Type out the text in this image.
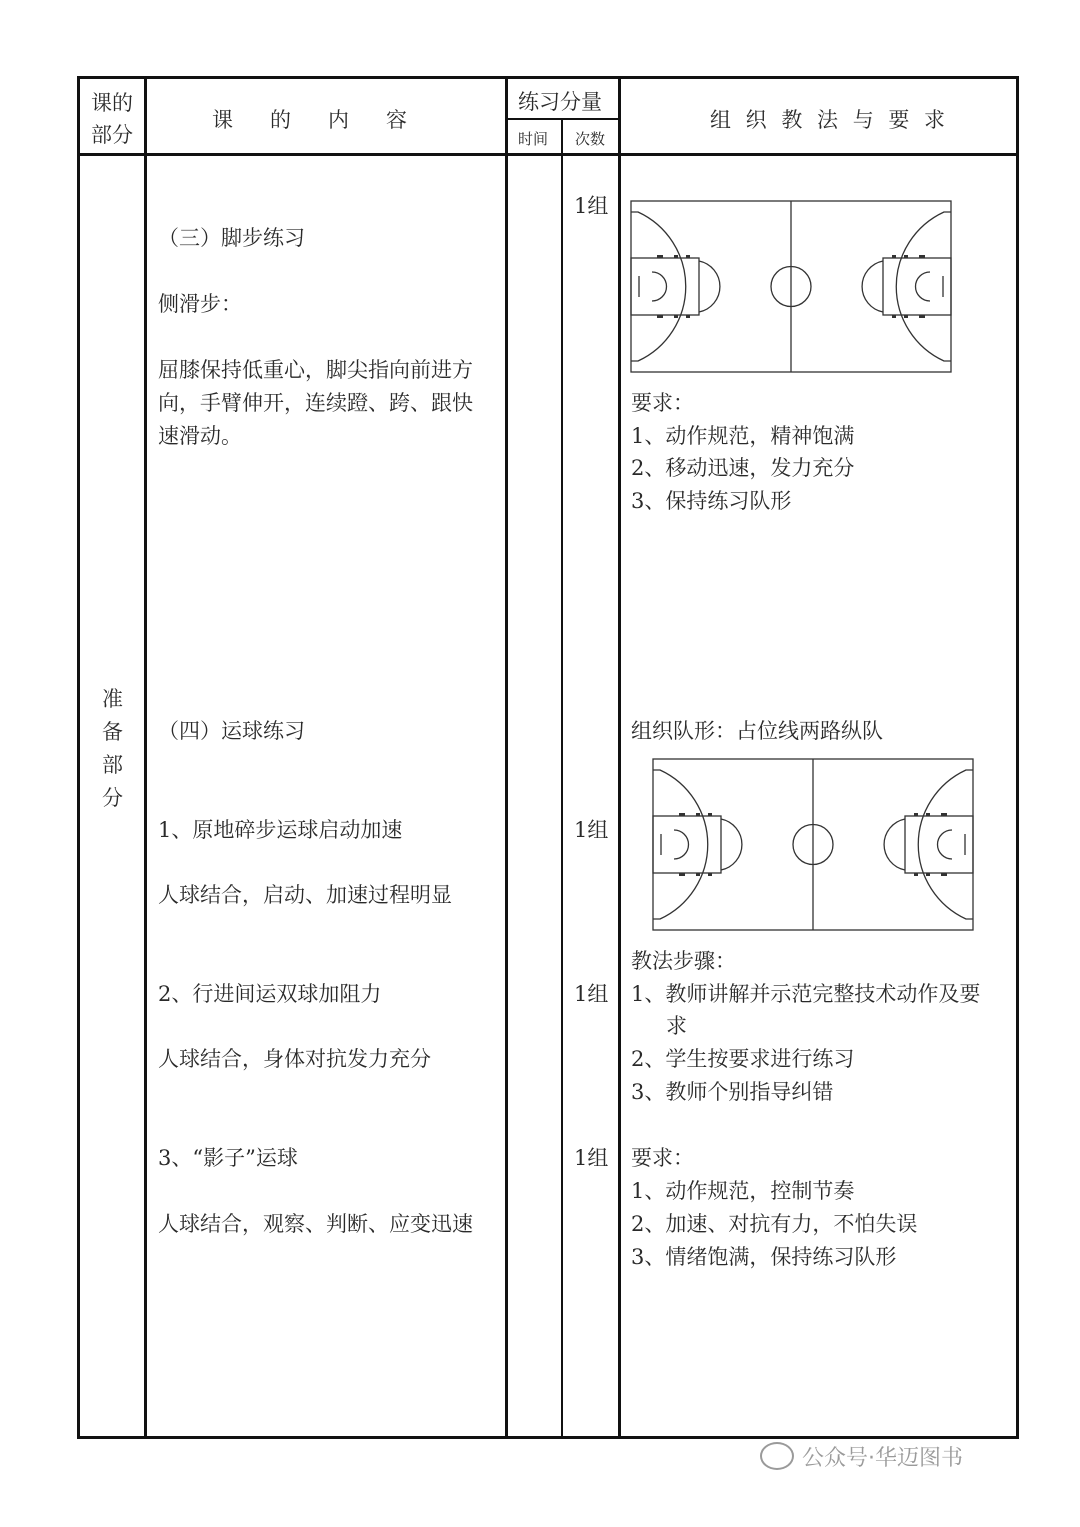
课的
部分
课　的　内　容
练习分量
时间 次数
组 织 教 法 与 要 求
准
备
部
分
（三）脚步练习
侧滑步：
屈膝保持低重心，脚尖指向前进方
向，手臂伸开，连续蹬、跨、跟快
速滑动。
（四）运球练习
1、原地碎步运球启动加速
人球结合，启动、加速过程明显
2、行进间运双球加阻力
人球结合，身体对抗发力充分
3、“影子”运球
人球结合，观察、判断、应变迅速
1组
1组
1组
1组
要求：
1、动作规范，精神饱满
2、移动迅速，发力充分
3、保持练习队形
组织队形：占位线两路纵队
教法步骤：
1、教师讲解并示范完整技术动作及要
求
2、学生按要求进行练习
3、教师个别指导纠错
要求：
1、动作规范，控制节奏
2、加速、对抗有力，不怕失误
3、情绪饱满，保持练习队形
公众号·华迈图书
